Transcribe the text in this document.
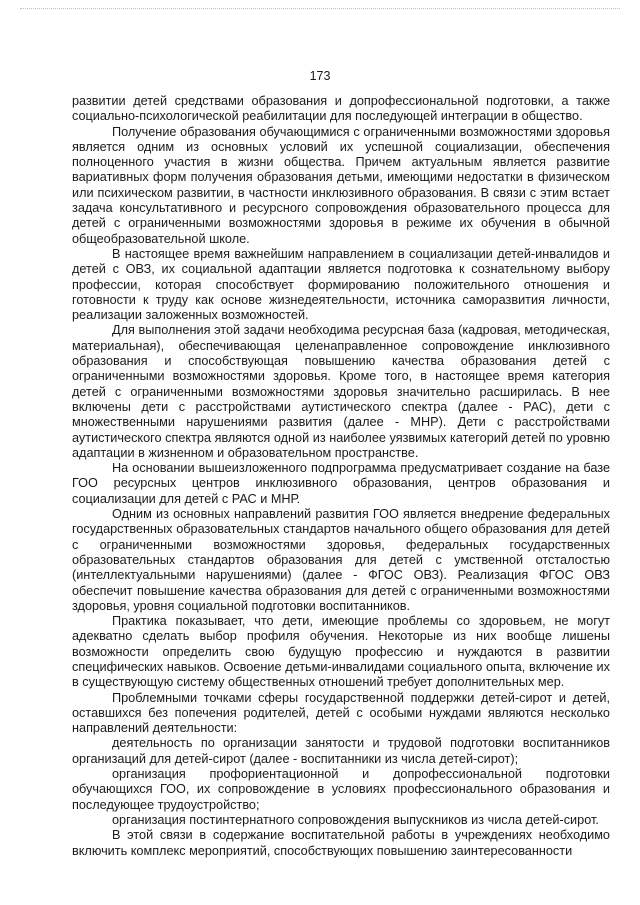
173

развитии детей средствами образования и допрофессиональной подготовки, а также социально-психологической реабилитации для последующей интеграции в общество.

Получение образования обучающимися с ограниченными возможностями здоровья является одним из основных условий их успешной социализации, обеспечения полноценного участия в жизни общества. Причем актуальным является развитие вариативных форм получения образования детьми, имеющими недостатки в физическом или психическом развитии, в частности инклюзивного образования. В связи с этим встает задача консультативного и ресурсного сопровождения образовательного процесса для детей с ограниченными возможностями здоровья в режиме их обучения в обычной общеобразовательной школе.

В настоящее время важнейшим направлением в социализации детей-инвалидов и детей с ОВЗ, их социальной адаптации является подготовка к сознательному выбору профессии, которая способствует формированию положительного отношения и готовности к труду как основе жизнедеятельности, источника саморазвития личности, реализации заложенных возможностей.

Для выполнения этой задачи необходима ресурсная база (кадровая, методическая, материальная), обеспечивающая целенаправленное сопровождение инклюзивного образования и способствующая повышению качества образования детей с ограниченными возможностями здоровья. Кроме того, в настоящее время категория детей с ограниченными возможностями здоровья значительно расширилась. В нее включены дети с расстройствами аутистического спектра (далее - РАС), дети с множественными нарушениями развития (далее - МНР). Дети с расстройствами аутистического спектра являются одной из наиболее уязвимых категорий детей по уровню адаптации в жизненном и образовательном пространстве.

На основании вышеизложенного подпрограмма предусматривает создание на базе ГОО ресурсных центров инклюзивного образования, центров образования и социализации для детей с РАС и МНР.

Одним из основных направлений развития ГОО является внедрение федеральных государственных образовательных стандартов начального общего образования для детей с ограниченными возможностями здоровья, федеральных государственных образовательных стандартов образования для детей с умственной отсталостью (интеллектуальными нарушениями) (далее - ФГОС ОВЗ). Реализация ФГОС ОВЗ обеспечит повышение качества образования для детей с ограниченными возможностями здоровья, уровня социальной подготовки воспитанников.

Практика показывает, что дети, имеющие проблемы со здоровьем, не могут адекватно сделать выбор профиля обучения. Некоторые из них вообще лишены возможности определить свою будущую профессию и нуждаются в развитии специфических навыков. Освоение детьми-инвалидами социального опыта, включение их в существующую систему общественных отношений требует дополнительных мер.

Проблемными точками сферы государственной поддержки детей-сирот и детей, оставшихся без попечения родителей, детей с особыми нуждами являются несколько направлений деятельности:

деятельность по организации занятости и трудовой подготовки воспитанников организаций для детей-сирот (далее - воспитанники из числа детей-сирот);

организация профориентационной и допрофессиональной подготовки обучающихся ГОО, их сопровождение в условиях профессионального образования и последующее трудоустройство;

организация постинтернатного сопровождения выпускников из числа детей-сирот.

В этой связи в содержание воспитательной работы в учреждениях необходимо включить комплекс мероприятий, способствующих повышению заинтересованности
